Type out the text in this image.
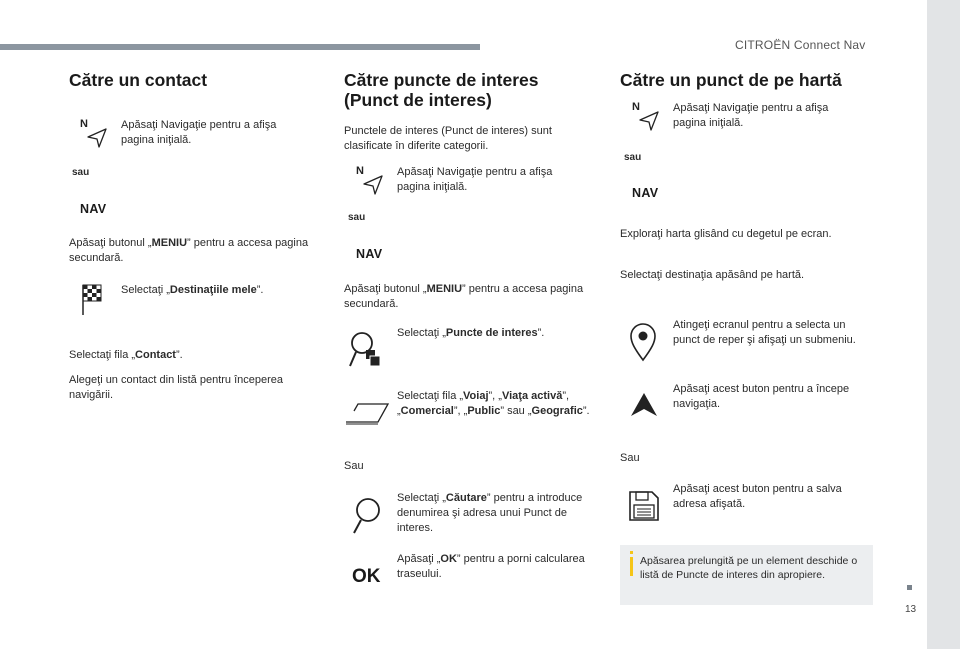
CITROËN Connect Nav
13
Către un contact
N	Apăsaţi Navigaţie pentru a afişa pagina iniţială.
sau
NAV
Apăsaţi butonul „MENIU” pentru a accesa pagina secundară.
Selectaţi „Destinaţiile mele”.
Selectaţi fila „Contact”.
Alegeţi un contact din listă pentru începerea navigării.
Către puncte de interes
(Punct de interes)
Punctele de interes (Punct de interes) sunt clasificate în diferite categorii.
N	Apăsaţi Navigaţie pentru a afişa pagina iniţială.
sau
NAV
Apăsaţi butonul „MENIU” pentru a accesa pagina secundară.
Selectaţi „Puncte de interes”.
Selectaţi fila „Voiaj”, „Viaţa activă”, „Comercial”, „Public” sau „Geografic”.
Sau
Selectaţi „Căutare” pentru a introduce denumirea şi adresa unui Punct de interes.
OK
Apăsaţi „OK” pentru a porni calcularea traseului.
Către un punct de pe hartă
N	Apăsaţi Navigaţie pentru a afişa pagina iniţială.
sau
NAV
Exploraţi harta glisând cu degetul pe ecran.
Selectaţi destinaţia apăsând pe hartă.
Atingeţi ecranul pentru a selecta un punct de reper şi afişaţi un submeniu.
Apăsaţi acest buton pentru a începe navigaţia.
Sau
Apăsaţi acest buton pentru a salva adresa afişată.
Apăsarea prelungită pe un element deschide o listă de Puncte de interes din apropiere.
